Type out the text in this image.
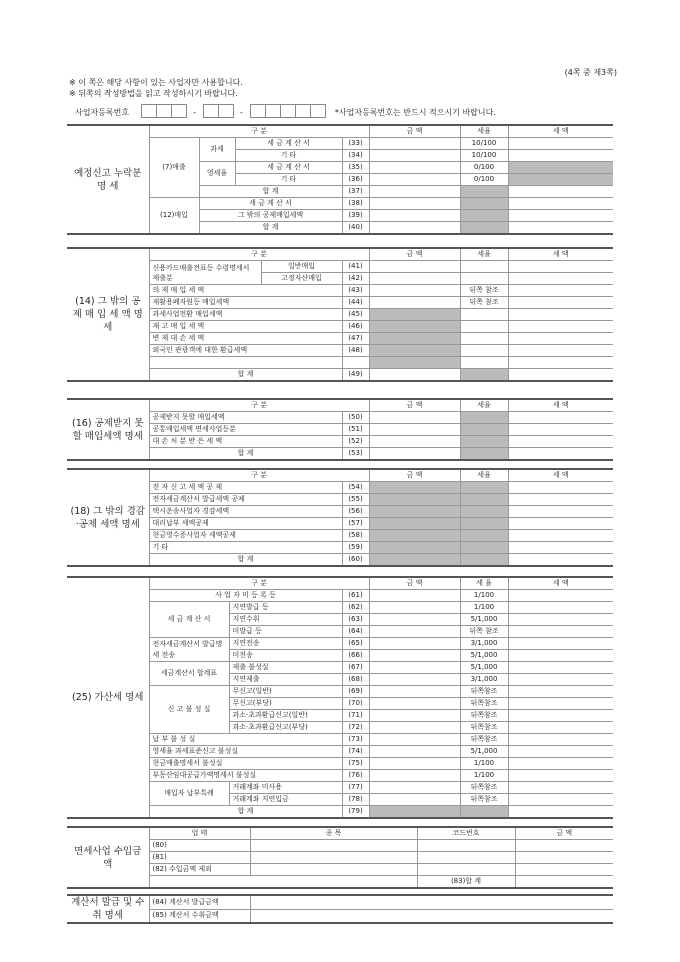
(4쪽 중 제3쪽)
※ 이 쪽은 해당 사항이 있는 사업자만 사용합니다.
※ 뒤쪽의 작성방법을 읽고 작성하시기 바랍니다.
사업자등록번호	-	-	*사업자등록번호는 반드시 적으시기 바랍니다.
예정신고 누락분 명 세	구 분				금 액	세율	세 액
	(7)매출	과세	세 금 계 산 서	(33)		10/100	
			기 타	(34)		10/100	
		영세율	세 금 계 산 서	(35)		0/100	
			기 타	(36)		0/100	
		합 계		(37)			
	(12)매입	세 금 계 산 서		(38)			
		그 밖의 공제매입세액		(39)			
		합 계		(40)			
(14) 그 밖의 공 제 매 입 세 액 명 세	구 분			금 액	세율	세 액
	신용카드매출전표등 수령명세서 제출분	일반매입	(41)			
		고정자산매입	(42)			
	의 제 매 입 세 액		(43)		뒤쪽 참조	
	재활용폐자원등 매입세액		(44)		뒤쪽 참조	
	과세사업전환 매입세액		(45)			
	재 고 매 입 세 액		(46)			
	변 제 대 손 세 액		(47)			
	외국인 관광객에 대한 환급세액		(48)			

	합 계		(49)			
(16) 공제받지 못할 매입세액 명세	구 분		금 액	세율	세 액
	공제받지 못할 매입세액	(50)			
	공통매입세액 면세사업등분	(51)			
	대 손 처 분 받 은 세 액	(52)			
	합 계	(53)			
(18) 그 밖의 경감·공제 세액 명세	구 분		금 액	세율	세 액
	전 자 신 고 세 액 공 제	(54)			
	전자세금계산서 발급세액 공제	(55)			
	택시운송사업자 경감세액	(56)			
	대리납부 세액공제	(57)			
	현금영수증사업자 세액공제	(58)			
	기 타	(59)			
	합 계	(60)			
(25) 가산세 명세	구 분			금 액	세 율	세 액
	사 업 자 미 등 록 등		(61)		1/100	
	세 금 계 산 서	지연발급 등	(62)		1/100	
		지연수취	(63)		5/1,000	
		미발급 등	(64)		뒤쪽 참조	
	전자세금계산서 발급명세 전송	지연전송	(65)		3/1,000	
		미전송	(66)		5/1,000	
	세금계산서 합계표	제출 불성실	(67)		5/1,000	
		지연제출	(68)		3/1,000	
	신 고 불 성 실	무신고(일반)	(69)		뒤쪽참조	
		무신고(부당)	(70)		뒤쪽참조	
		과소·초과환급신고(일반)	(71)		뒤쪽참조	
		과소·초과환급신고(부당)	(72)		뒤쪽참조	
	납 부 불 성 실		(73)		뒤쪽참조	
	영세율 과세표준신고 불성실		(74)		5/1,000	
	현금매출명세서 불성실		(75)		1/100	
	부동산임대공급가액명세서 불성실		(76)		1/100	
	매입자 납부특례	거래계좌 미사용	(77)		뒤쪽참조	
		거래계좌 지연입금	(78)		뒤쪽참조	
	합 계		(79)			
면세사업 수입금액	업 태	종 목	코드번호	금 액
	(80)			
	(81)			
	(82) 수입금액 제외			
			(83)합 계	
계산서 발급 및 수취 명세	(84) 계산서 발급금액	
	(85) 계산서 수취금액	
